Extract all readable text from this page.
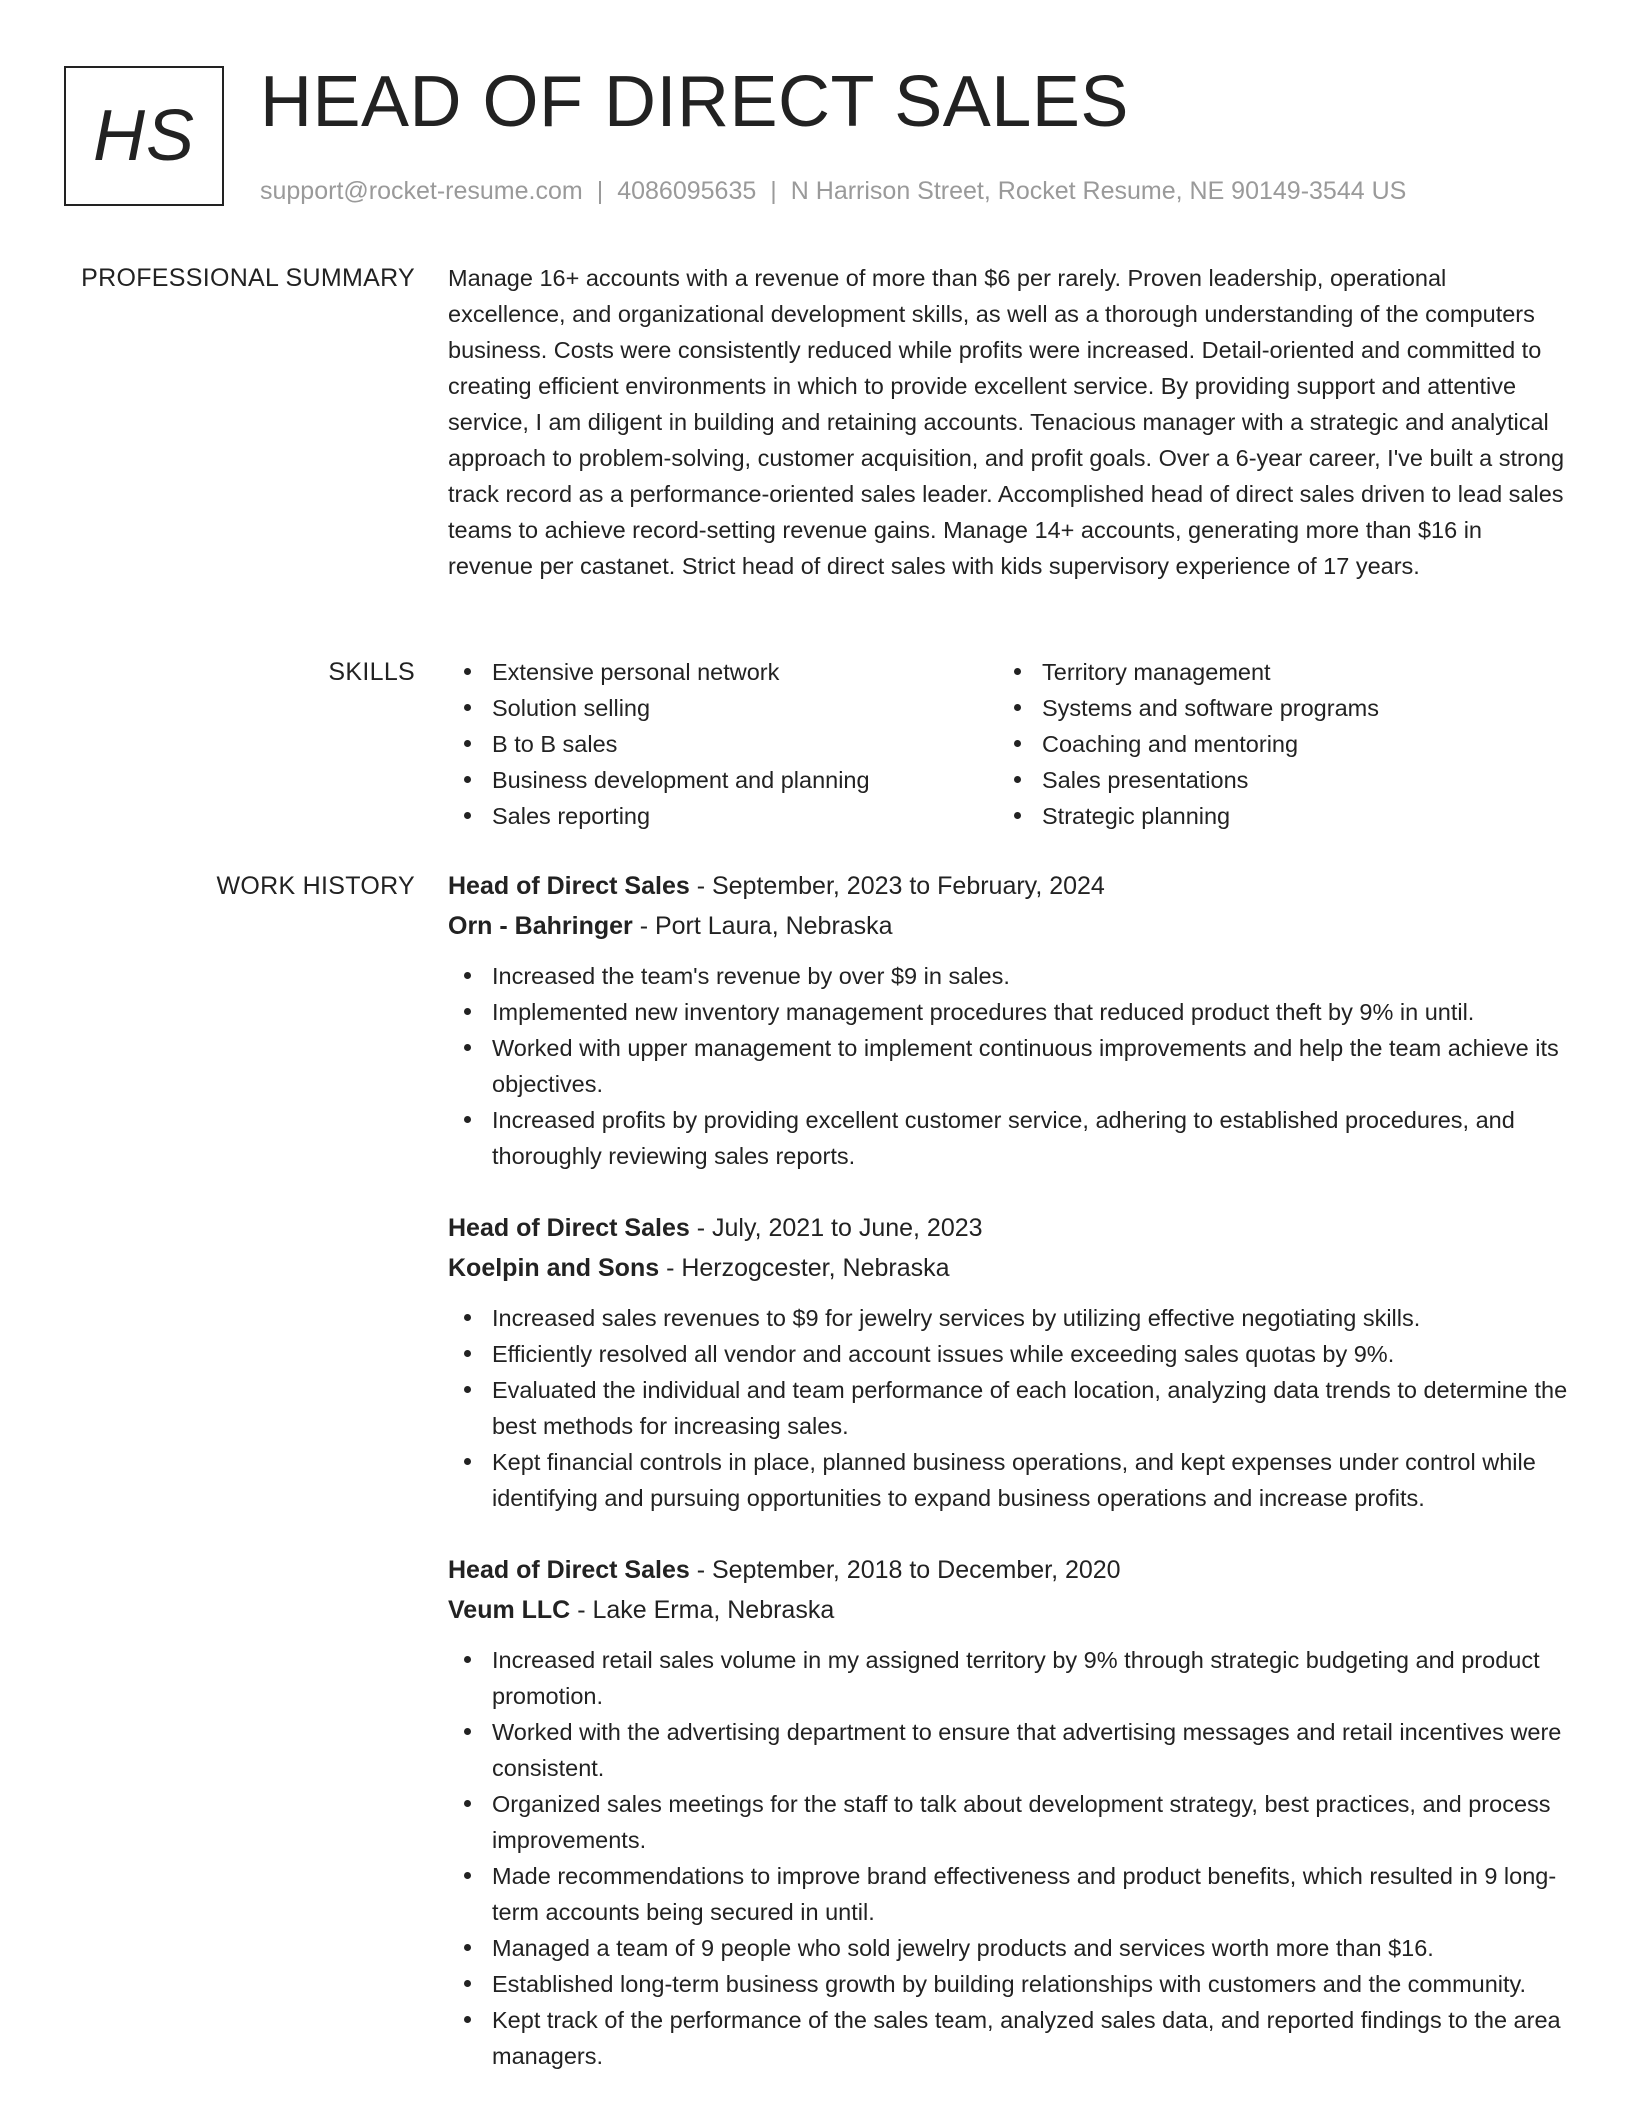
HS HEAD OF DIRECT SALES
support@rocket-resume.com | 4086095635 | N Harrison Street, Rocket Resume, NE 90149-3544 US
PROFESSIONAL SUMMARY Manage 16+ accounts with a revenue of more than $6 per rarely. Proven leadership, operational excellence, and organizational development skills, as well as a thorough understanding of the computers business. Costs were consistently reduced while profits were increased. Detail-oriented and committed to creating efficient environments in which to provide excellent service. By providing support and attentive service, I am diligent in building and retaining accounts. Tenacious manager with a strategic and analytical approach to problem-solving, customer acquisition, and profit goals. Over a 6-year career, I've built a strong track record as a performance-oriented sales leader. Accomplished head of direct sales driven to lead sales teams to achieve record-setting revenue gains. Manage 14+ accounts, generating more than $16 in revenue per castanet. Strict head of direct sales with kids supervisory experience of 17 years.

SKILLS	Extensive personal network
Solution selling
B to B sales
Business development and planning
Sales reporting
Territory management
Systems and software programs
Coaching and mentoring
Sales presentations
Strategic planning
WORK HISTORY Head of Direct Sales - September, 2023 to February, 2024
Orn - Bahringer - Port Laura, Nebraska
Increased the team's revenue by over $9 in sales.
Implemented new inventory management procedures that reduced product theft by 9% in until.
Worked with upper management to implement continuous improvements and help the team achieve its objectives.
Increased profits by providing excellent customer service, adhering to established procedures, and thoroughly reviewing sales reports.
Head of Direct Sales - July, 2021 to June, 2023
Koelpin and Sons - Herzogcester, Nebraska
Increased sales revenues to $9 for jewelry services by utilizing effective negotiating skills.
Efficiently resolved all vendor and account issues while exceeding sales quotas by 9%.
Evaluated the individual and team performance of each location, analyzing data trends to determine the best methods for increasing sales.
Kept financial controls in place, planned business operations, and kept expenses under control while identifying and pursuing opportunities to expand business operations and increase profits.
Head of Direct Sales - September, 2018 to December, 2020
Veum LLC - Lake Erma, Nebraska
Increased retail sales volume in my assigned territory by 9% through strategic budgeting and product promotion.
Worked with the advertising department to ensure that advertising messages and retail incentives were consistent.
Organized sales meetings for the staff to talk about development strategy, best practices, and process improvements.
Made recommendations to improve brand effectiveness and product benefits, which resulted in 9 long-term accounts being secured in until.
Managed a team of 9 people who sold jewelry products and services worth more than $16.
Established long-term business growth by building relationships with customers and the community.
Kept track of the performance of the sales team, analyzed sales data, and reported findings to the area managers.
